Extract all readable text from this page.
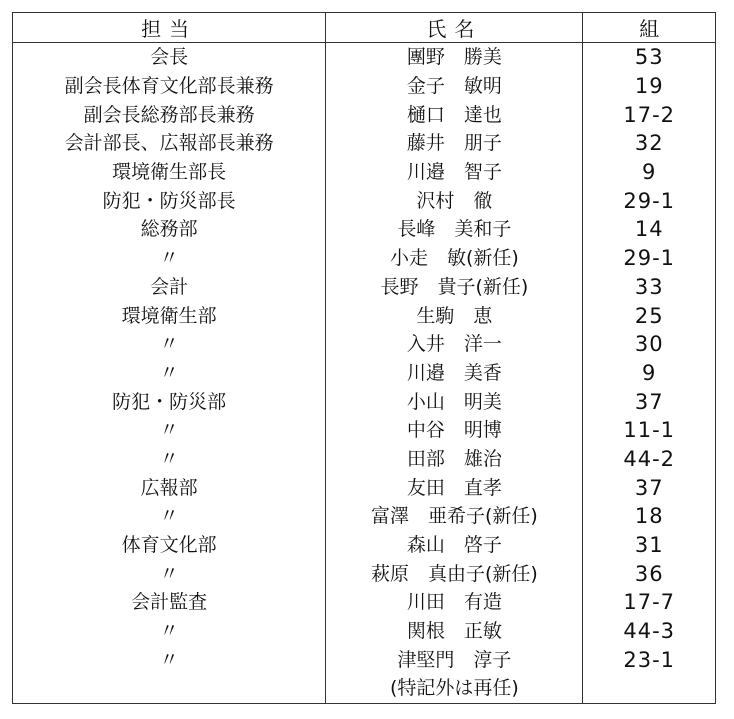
担当	氏名	組
会長	團野　勝美	53
副会長体育文化部長兼務	金子　敏明	19
副会長総務部長兼務	樋口　達也	17-2
会計部長、広報部長兼務	藤井　朋子	32
環境衛生部長	川邉　智子	9
防犯・防災部長	沢村　徹	29-1
総務部	長峰　美和子	14
〃	小走　敏(新任)	29-1
会計	長野　貴子(新任)	33
環境衛生部	生駒　恵	25
〃	入井　洋一	30
〃	川邉　美香	9
防犯・防災部	小山　明美	37
〃	中谷　明博	11-1
〃	田部　雄治	44-2
広報部	友田　直孝	37
〃	富澤　亜希子(新任)	18
体育文化部	森山　啓子	31
〃	萩原　真由子(新任)	36
会計監査	川田　有造	17-7
〃	関根　正敏	44-3
〃	津堅門　淳子	23-1
	(特記外は再任)	
